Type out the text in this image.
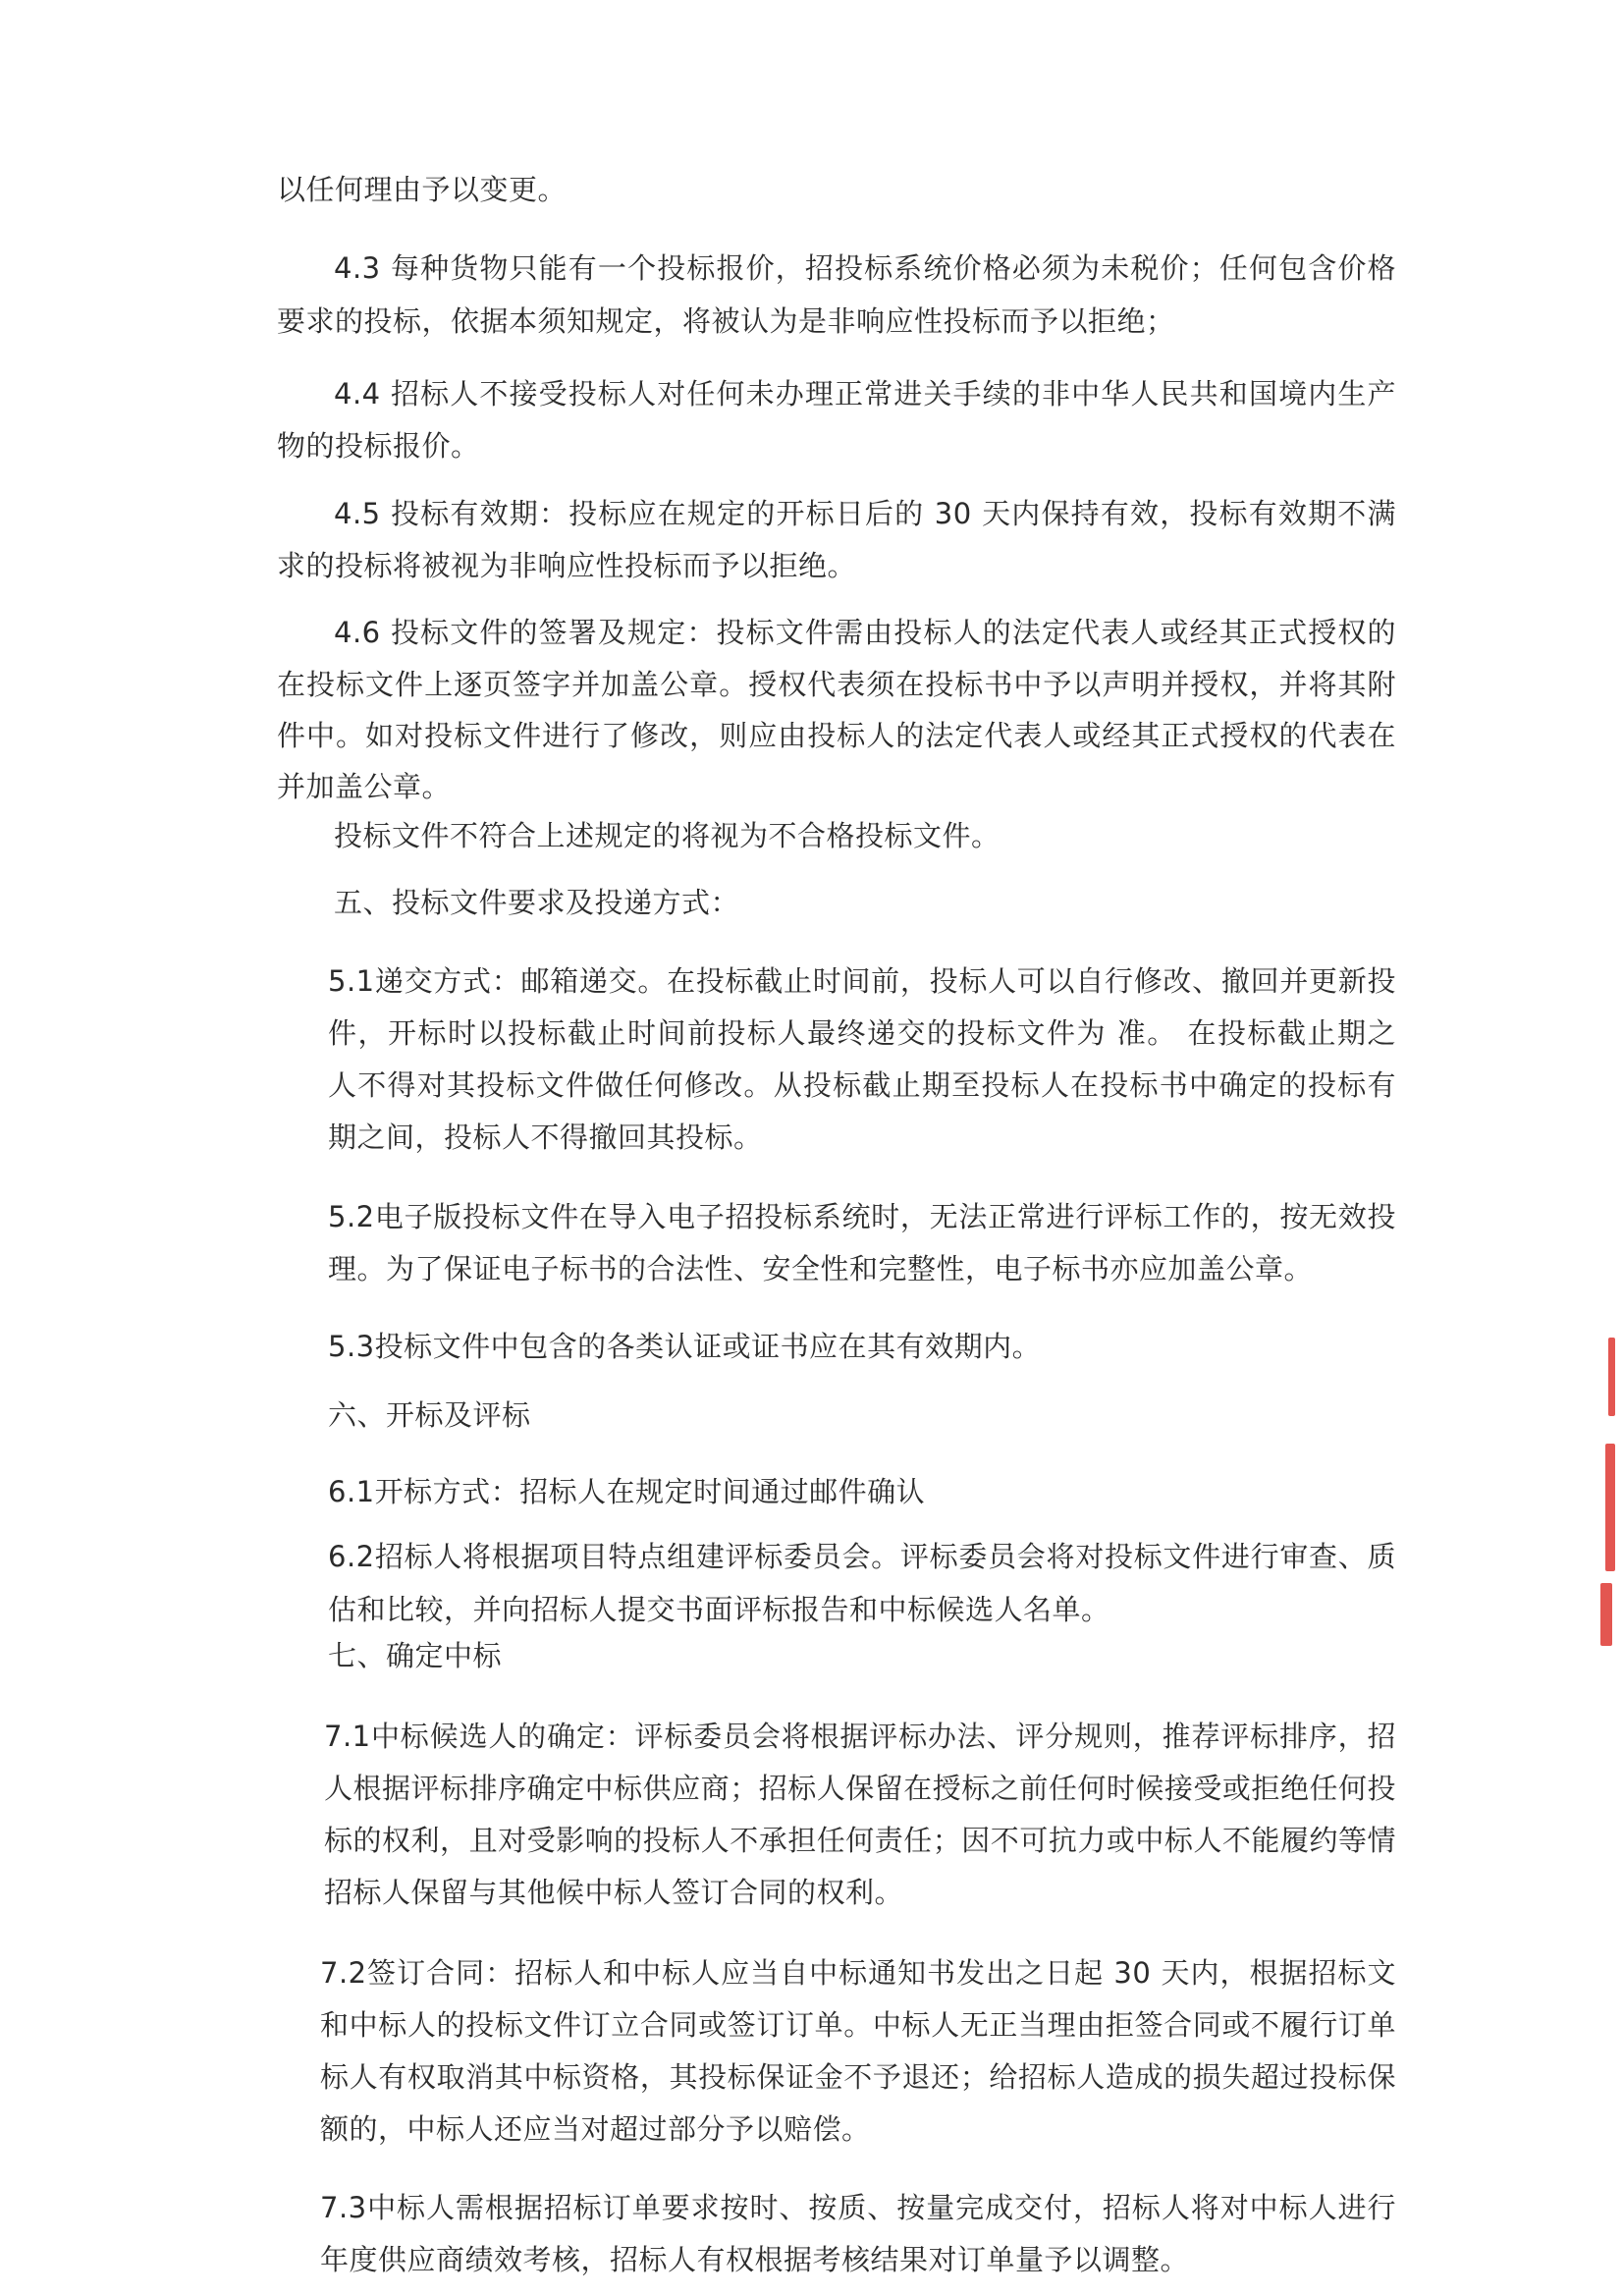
以任何理由予以变更。
4.3 每种货物只能有一个投标报价，招投标系统价格必须为未税价；任何包含价格
要求的投标，依据本须知规定，将被认为是非响应性投标而予以拒绝；
4.4 招标人不接受投标人对任何未办理正常进关手续的非中华人民共和国境内生产
物的投标报价。
4.5 投标有效期：投标应在规定的开标日后的 30 天内保持有效，投标有效期不满
求的投标将被视为非响应性投标而予以拒绝。
4.6 投标文件的签署及规定：投标文件需由投标人的法定代表人或经其正式授权的
在投标文件上逐页签字并加盖公章。授权代表须在投标书中予以声明并授权，并将其附
件中。如对投标文件进行了修改，则应由投标人的法定代表人或经其正式授权的代表在
并加盖公章。
投标文件不符合上述规定的将视为不合格投标文件。
五、投标文件要求及投递方式：
5.1递交方式：邮箱递交。在投标截止时间前，投标人可以自行修改、撤回并更新投
件，开标时以投标截止时间前投标人最终递交的投标文件为 准。 在投标截止期之
人不得对其投标文件做任何修改。从投标截止期至投标人在投标书中确定的投标有
期之间，投标人不得撤回其投标。
5.2电子版投标文件在导入电子招投标系统时，无法正常进行评标工作的，按无效投
理。为了保证电子标书的合法性、安全性和完整性，电子标书亦应加盖公章。
5.3投标文件中包含的各类认证或证书应在其有效期内。
六、开标及评标
6.1开标方式：招标人在规定时间通过邮件确认
6.2招标人将根据项目特点组建评标委员会。评标委员会将对投标文件进行审查、质
估和比较，并向招标人提交书面评标报告和中标候选人名单。
七、确定中标
7.1中标候选人的确定：评标委员会将根据评标办法、评分规则，推荐评标排序，招
人根据评标排序确定中标供应商；招标人保留在授标之前任何时候接受或拒绝任何投
标的权利，且对受影响的投标人不承担任何责任；因不可抗力或中标人不能履约等情
招标人保留与其他候中标人签订合同的权利。
7.2签订合同：招标人和中标人应当自中标通知书发出之日起 30 天内，根据招标文
和中标人的投标文件订立合同或签订订单。中标人无正当理由拒签合同或不履行订单
标人有权取消其中标资格，其投标保证金不予退还；给招标人造成的损失超过投标保
额的，中标人还应当对超过部分予以赔偿。
7.3中标人需根据招标订单要求按时、按质、按量完成交付，招标人将对中标人进行
年度供应商绩效考核，招标人有权根据考核结果对订单量予以调整。
